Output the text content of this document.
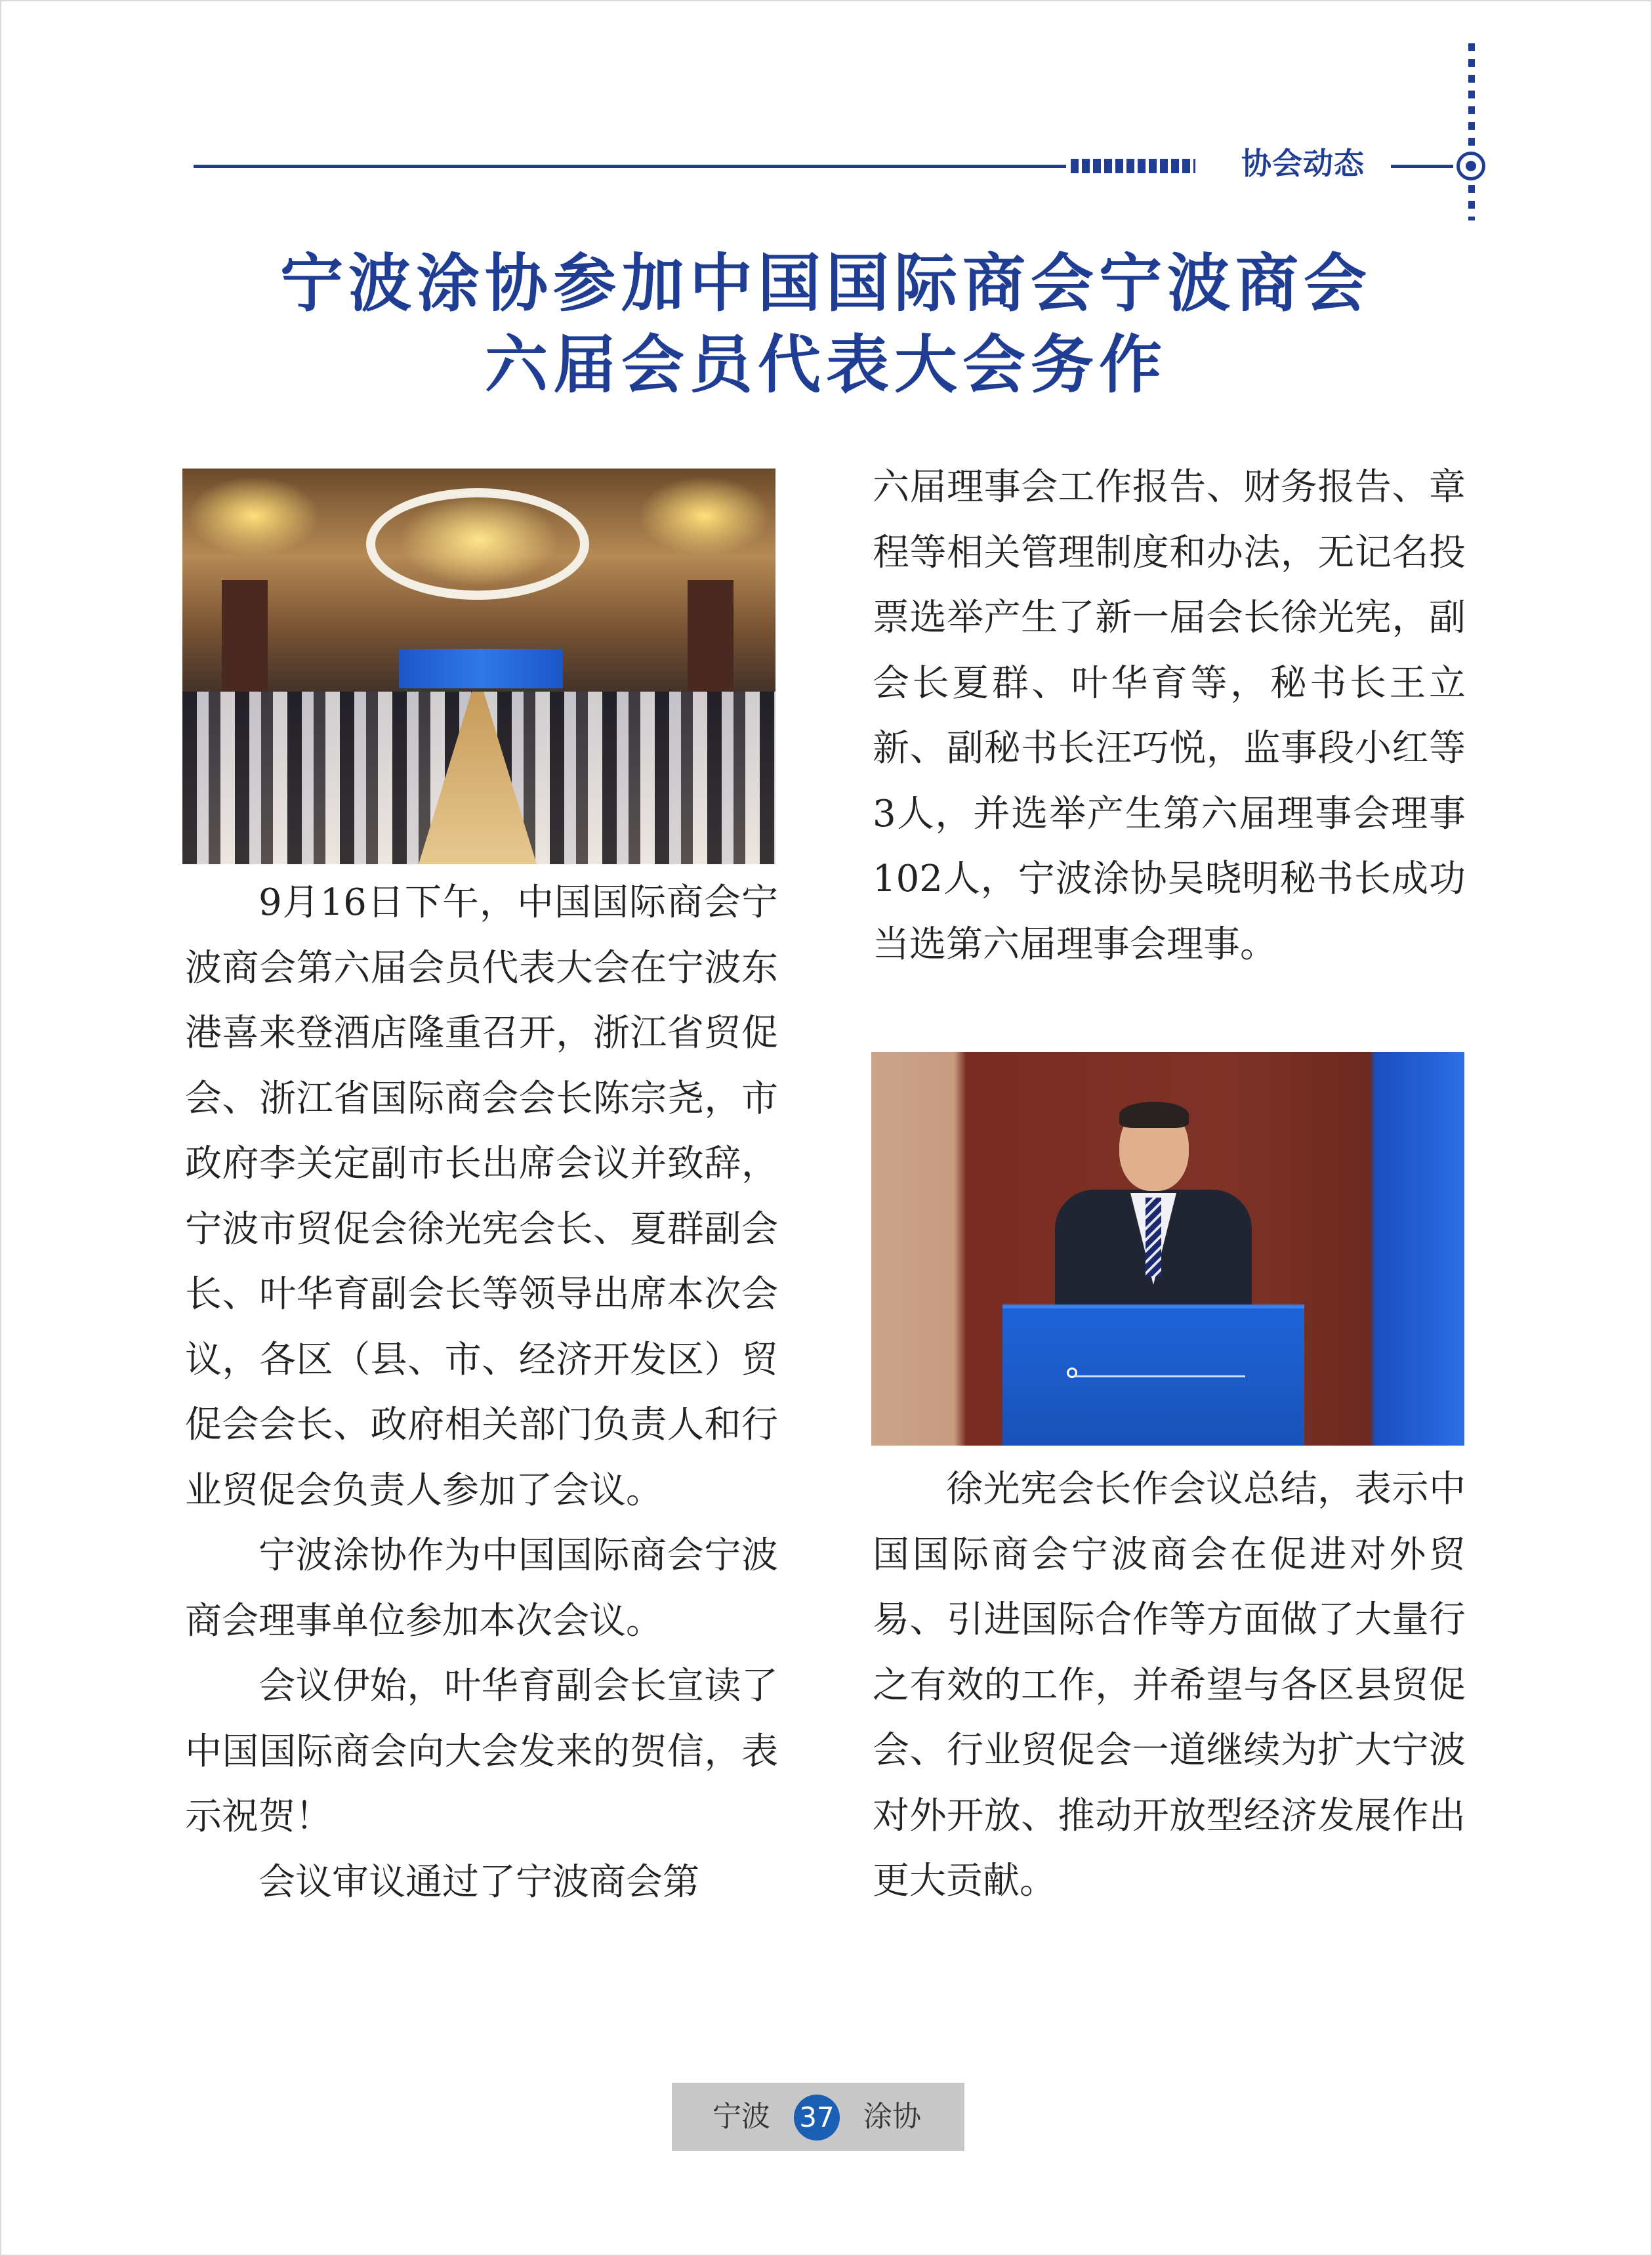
协会动态
宁波涂协参加中国国际商会宁波商会
六届会员代表大会务作

9月16日下午，中国国际商会宁波商会第六届会员代表大会在宁波东港喜来登酒店隆重召开，浙江省贸促会、浙江省国际商会会长陈宗尧，市政府李关定副市长出席会议并致辞，宁波市贸促会徐光宪会长、夏群副会长、叶华育副会长等领导出席本次会议，各区（县、市、经济开发区）贸促会会长、政府相关部门负责人和行业贸促会负责人参加了会议。

宁波涂协作为中国国际商会宁波商会理事单位参加本次会议。

会议伊始，叶华育副会长宣读了中国国际商会向大会发来的贺信，表示祝贺！

会议审议通过了宁波商会第

六届理事会工作报告、财务报告、章程等相关管理制度和办法，无记名投票选举产生了新一届会长徐光宪，副会长夏群、叶华育等，秘书长王立新、副秘书长汪巧悦，监事段小红等3人，并选举产生第六届理事会理事102人，宁波涂协吴晓明秘书长成功当选第六届理事会理事。

徐光宪会长作会议总结，表示中国国际商会宁波商会在促进对外贸易、引进国际合作等方面做了大量行之有效的工作，并希望与各区县贸促会、行业贸促会一道继续为扩大宁波对外开放、推动开放型经济发展作出更大贡献。

宁波 37 涂协
